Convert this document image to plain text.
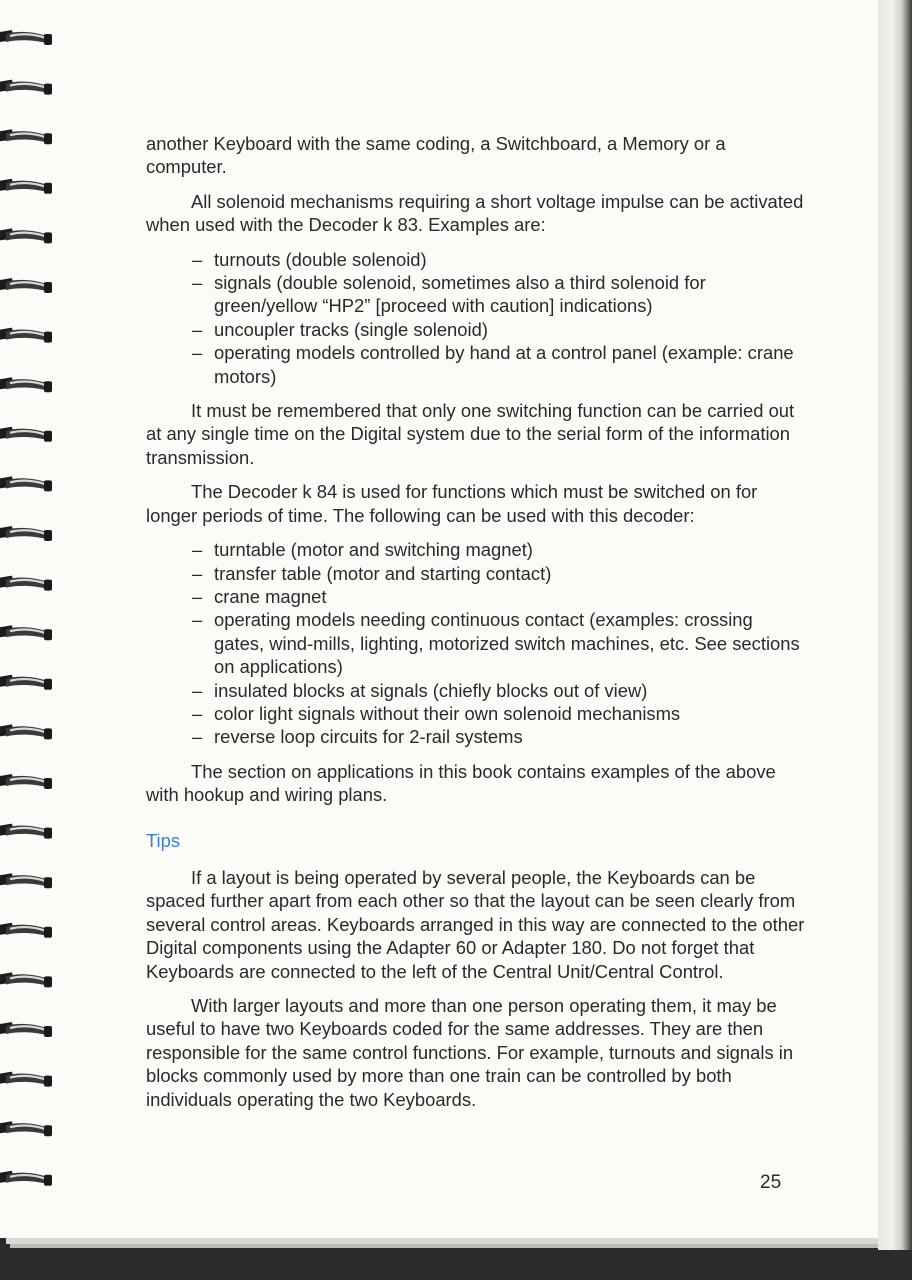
another Keyboard with the same coding, a Switchboard, a Memory or a computer.

All solenoid mechanisms requiring a short voltage impulse can be activated when used with the Decoder k 83. Examples are:

– turnouts (double solenoid)
– signals (double solenoid, sometimes also a third solenoid for green/yellow “HP2” [proceed with caution] indications)
– uncoupler tracks (single solenoid)
– operating models controlled by hand at a control panel (example: crane motors)

It must be remembered that only one switching function can be carried out at any single time on the Digital system due to the serial form of the information transmission.

The Decoder k 84 is used for functions which must be switched on for longer periods of time. The following can be used with this decoder:

– turntable (motor and switching magnet)
– transfer table (motor and starting contact)
– crane magnet
– operating models needing continuous contact (examples: crossing gates, wind-mills, lighting, motorized switch machines, etc. See sections on applications)
– insulated blocks at signals (chiefly blocks out of view)
– color light signals without their own solenoid mechanisms
– reverse loop circuits for 2-rail systems

The section on applications in this book contains examples of the above with hookup and wiring plans.

Tips

If a layout is being operated by several people, the Keyboards can be spaced further apart from each other so that the layout can be seen clearly from several control areas. Keyboards arranged in this way are connected to the other Digital components using the Adapter 60 or Adapter 180. Do not forget that Keyboards are connected to the left of the Central Unit/Central Control.

With larger layouts and more than one person operating them, it may be useful to have two Keyboards coded for the same addresses. They are then responsible for the same control functions. For example, turnouts and signals in blocks commonly used by more than one train can be controlled by both individuals operating the two Keyboards.

25
